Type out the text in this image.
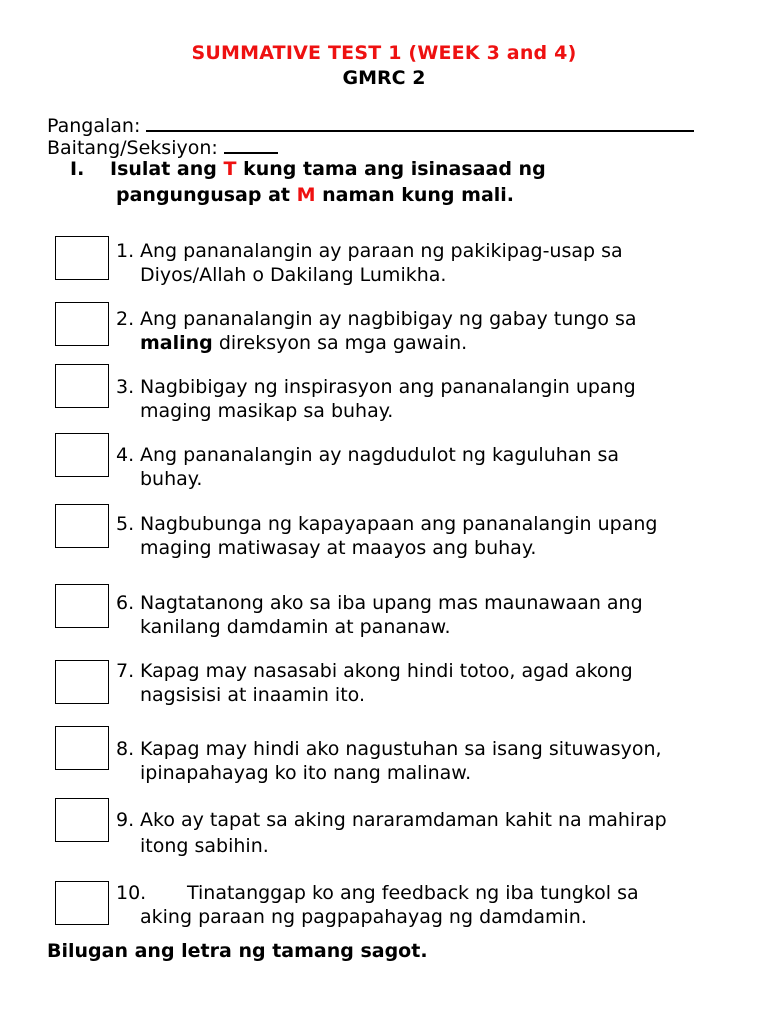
SUMMATIVE TEST 1 (WEEK 3 and 4)
GMRC 2
Pangalan:
Baitang/Seksiyon:
I. Isulat ang T kung tama ang isinasaad ng
pangungusap at M naman kung mali.
1. Ang pananalangin ay paraan ng pakikipag-usap sa
Diyos/Allah o Dakilang Lumikha.
2. Ang pananalangin ay nagbibigay ng gabay tungo sa
maling direksyon sa mga gawain.
3. Nagbibigay ng inspirasyon ang pananalangin upang
maging masikap sa buhay.
4. Ang pananalangin ay nagdudulot ng kaguluhan sa
buhay.
5. Nagbubunga ng kapayapaan ang pananalangin upang
maging matiwasay at maayos ang buhay.
6. Nagtatanong ako sa iba upang mas maunawaan ang
kanilang damdamin at pananaw.
7. Kapag may nasasabi akong hindi totoo, agad akong
nagsisisi at inaamin ito.
8. Kapag may hindi ako nagustuhan sa isang situwasyon,
ipinapahayag ko ito nang malinaw.
9. Ako ay tapat sa aking nararamdaman kahit na mahirap
itong sabihin.
10.	Tinatanggap ko ang feedback ng iba tungkol sa
aking paraan ng pagpapahayag ng damdamin.
Bilugan ang letra ng tamang sagot.
